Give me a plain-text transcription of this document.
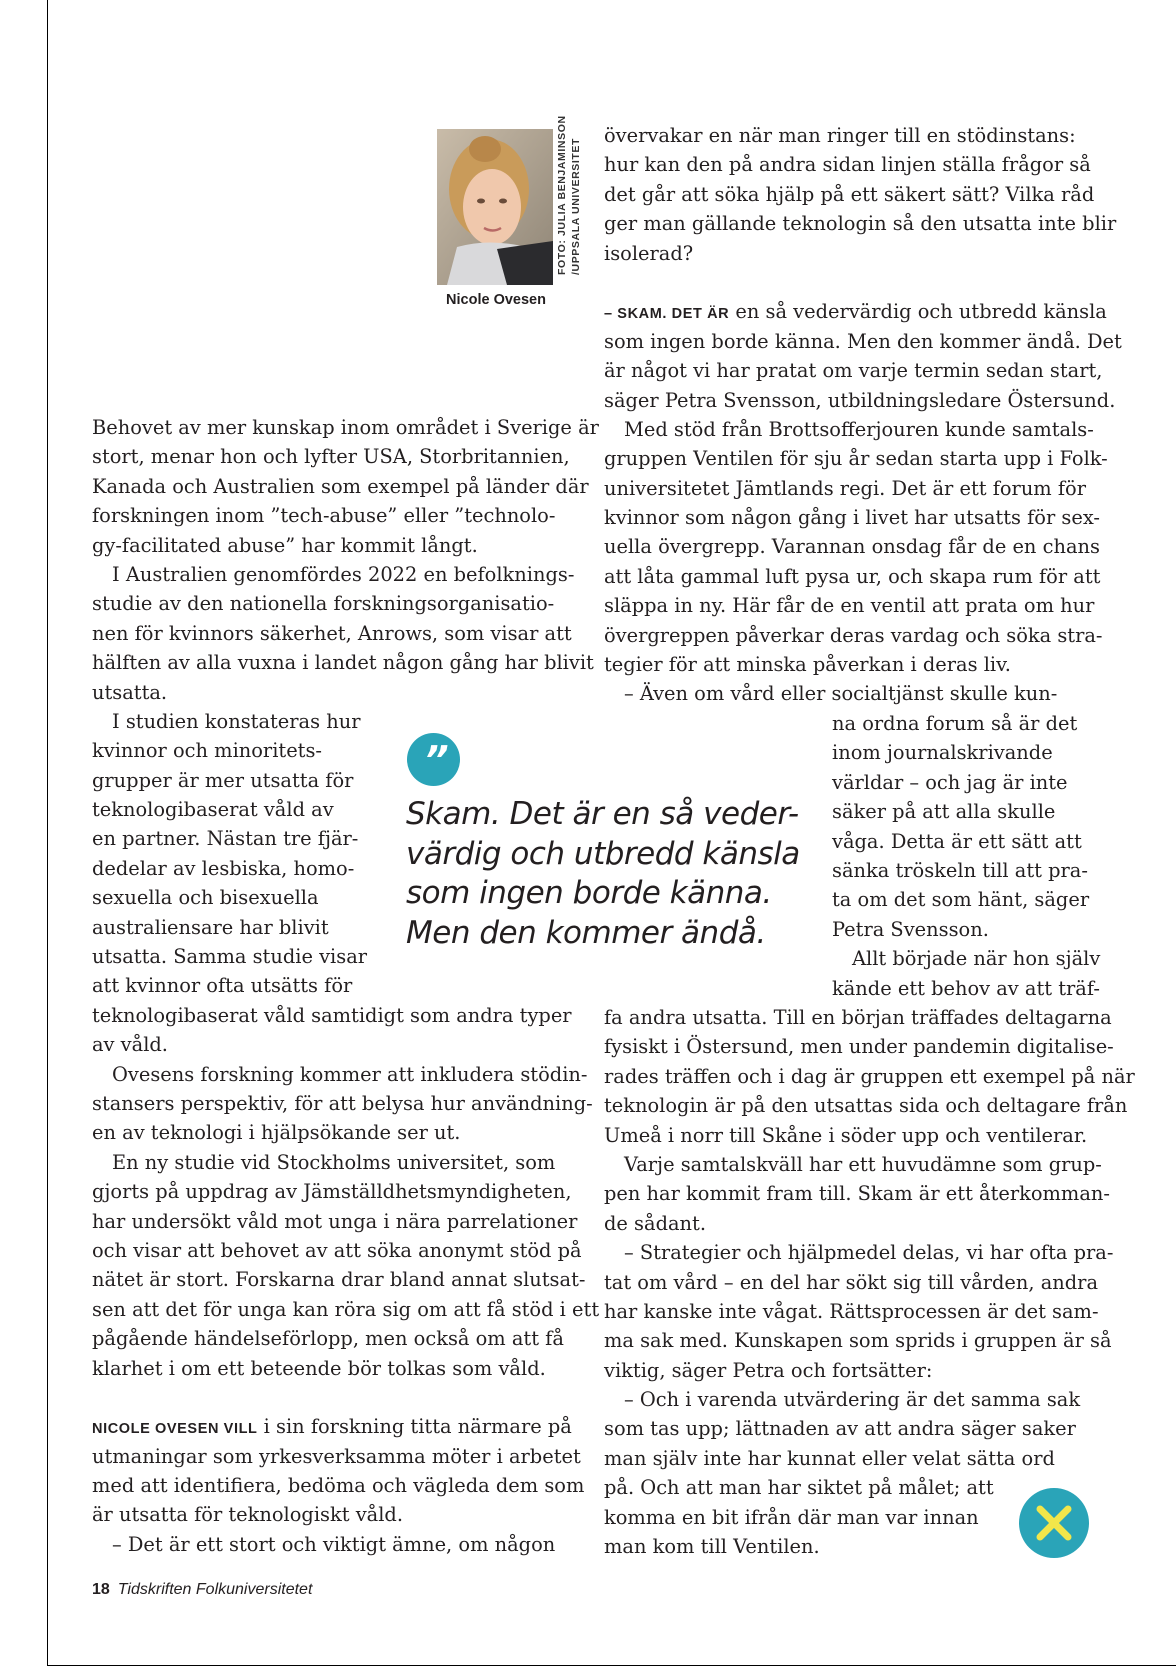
FOTO: JULIA BENJAMINSON /UPPSALA UNIVERSITET
Nicole Ovesen
Behovet av mer kunskap inom området i Sverige är
stort, menar hon och lyfter USA, Storbritannien,
Kanada och Australien som exempel på länder där
forskningen inom ”tech-abuse” eller ”technolo-
gy-facilitated abuse” har kommit långt.
I Australien genomfördes 2022 en befolknings-
studie av den nationella forskningsorganisatio-
nen för kvinnors säkerhet, Anrows, som visar att
hälften av alla vuxna i landet någon gång har blivit
utsatta.
I studien konstateras hur
kvinnor och minoritets-
grupper är mer utsatta för
teknologibaserat våld av
en partner. Nästan tre fjär-
dedelar av lesbiska, homo-
sexuella och bisexuella
australiensare har blivit
utsatta. Samma studie visar
att kvinnor ofta utsätts för
teknologibaserat våld samtidigt som andra typer
av våld.
Ovesens forskning kommer att inkludera stödin-
stansers perspektiv, för att belysa hur användning-
en av teknologi i hjälpsökande ser ut.
En ny studie vid Stockholms universitet, som
gjorts på uppdrag av Jämställdhetsmyndigheten,
har undersökt våld mot unga i nära parrelationer
och visar att behovet av att söka anonymt stöd på
nätet är stort. Forskarna drar bland annat slutsat-
sen att det för unga kan röra sig om att få stöd i ett
pågående händelseförlopp, men också om att få
klarhet i om ett beteende bör tolkas som våld.
NICOLE OVESEN VILL i sin forskning titta närmare på
utmaningar som yrkesverksamma möter i arbetet
med att identifiera, bedöma och vägleda dem som
är utsatta för teknologiskt våld.
– Det är ett stort och viktigt ämne, om någon
övervakar en när man ringer till en stödinstans:
hur kan den på andra sidan linjen ställa frågor så
det går att söka hjälp på ett säkert sätt? Vilka råd
ger man gällande teknologin så den utsatta inte blir
isolerad?
– SKAM. DET ÄR en så vedervärdig och utbredd känsla
som ingen borde känna. Men den kommer ändå. Det
är något vi har pratat om varje termin sedan start,
säger Petra Svensson, utbildningsledare Östersund.
Med stöd från Brottsofferjouren kunde samtals-
gruppen Ventilen för sju år sedan starta upp i Folk-
universitetet Jämtlands regi. Det är ett forum för
kvinnor som någon gång i livet har utsatts för sex-
uella övergrepp. Varannan onsdag får de en chans
att låta gammal luft pysa ur, och skapa rum för att
släppa in ny. Här får de en ventil att prata om hur
övergreppen påverkar deras vardag och söka stra-
tegier för att minska påverkan i deras liv.
– Även om vård eller socialtjänst skulle kun-
na ordna forum så är det
inom journalskrivande
världar – och jag är inte
säker på att alla skulle
våga. Detta är ett sätt att
sänka tröskeln till att pra-
ta om det som hänt, säger
Petra Svensson.
Allt började när hon själv
kände ett behov av att träf-
fa andra utsatta. Till en början träffades deltagarna
fysiskt i Östersund, men under pandemin digitalise-
rades träffen och i dag är gruppen ett exempel på när
teknologin är på den utsattas sida och deltagare från
Umeå i norr till Skåne i söder upp och ventilerar.
Varje samtalskväll har ett huvudämne som grup-
pen har kommit fram till. Skam är ett återkomman-
de sådant.
– Strategier och hjälpmedel delas, vi har ofta pra-
tat om vård – en del har sökt sig till vården, andra
har kanske inte vågat. Rättsprocessen är det sam-
ma sak med. Kunskapen som sprids i gruppen är så
viktig, säger Petra och fortsätter:
– Och i varenda utvärdering är det samma sak
som tas upp; lättnaden av att andra säger saker
man själv inte har kunnat eller velat sätta ord
på. Och att man har siktet på målet; att
komma en bit ifrån där man var innan
man kom till Ventilen.
”
Skam. Det är en så veder-
värdig och utbredd känsla
som ingen borde känna.
Men den kommer ändå.
18 Tidskriften Folkuniversitetet
